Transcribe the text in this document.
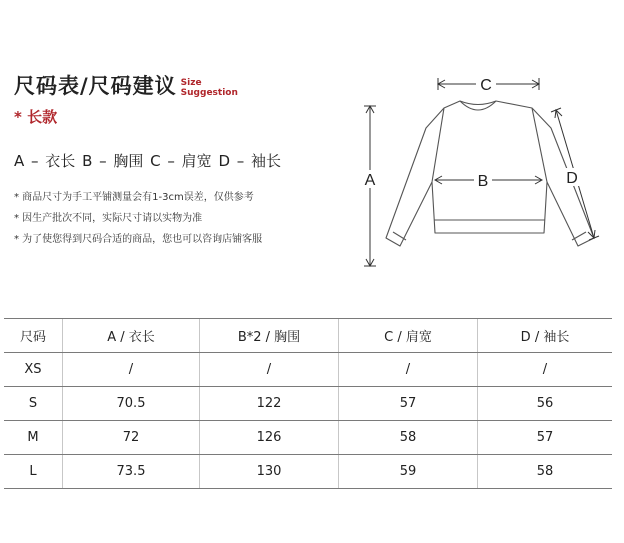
尺码表/尺码建议 Size
Suggestion
* 长款
A – 衣长 B – 胸围 C – 肩宽 D – 袖长
* 商品尺寸为手工平铺测量会有1-3cm误差，仅供参考
* 因生产批次不同，实际尺寸请以实物为准
* 为了使您得到尺码合适的商品，您也可以咨询店铺客服
C
A	B	D
尺码	A / 衣长	B*2 / 胸围	C / 肩宽	D / 袖长
XS	/	/	/	/
S	70.5	122	57	56
M	72	126	58	57
L	73.5	130	59	58
